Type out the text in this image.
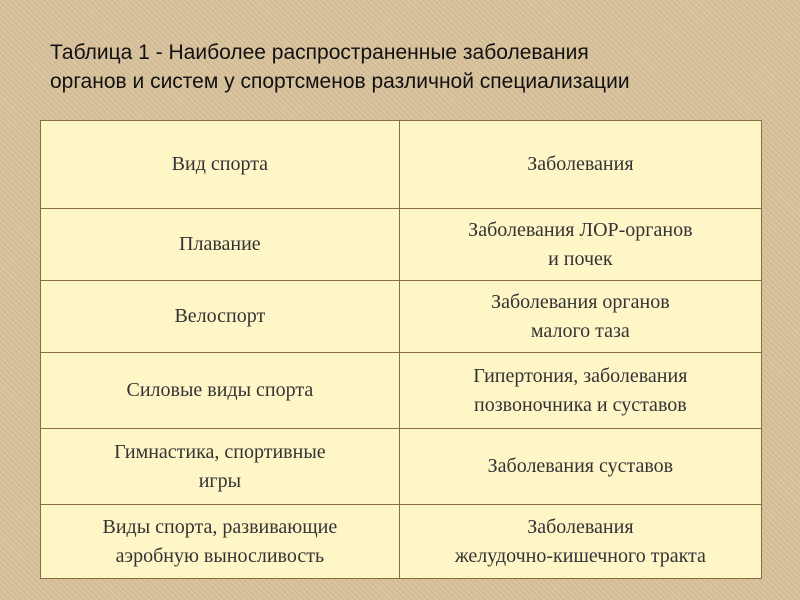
Таблица 1 - Наиболее распространенные заболевания
органов и систем у спортсменов различной специализации
Вид спорта	Заболевания
Плавание	Заболевания ЛОР-органов
и почек
Велоспорт	Заболевания органов
малого таза
Силовые виды спорта	Гипертония, заболевания
позвоночника и суставов
Гимнастика, спортивные
игры	Заболевания суставов
Виды спорта, развивающие
аэробную выносливость	Заболевания
желудочно-кишечного тракта
